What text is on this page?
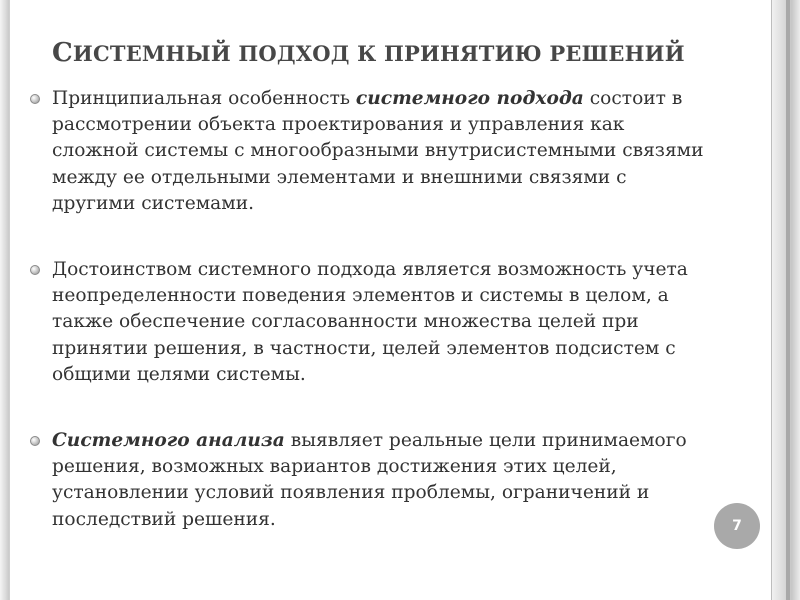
СИСТЕМНЫЙ ПОДХОД К ПРИНЯТИЮ РЕШЕНИЙ
Принципиальная особенность системного подхода состоит в рассмотрении объекта проектирования и управления как сложной системы с многообразными внутрисистемными связями между ее отдельными элементами и внешними связями с другими системами.
Достоинством системного подхода является возможность учета неопределенности поведения элементов и системы в целом, а также обеспечение согласованности множества целей при принятии решения, в частности, целей элементов подсистем с общими целями системы.
Системного анализа выявляет реальные цели принимаемого решения, возможных вариантов достижения этих целей, установлении условий появления проблемы, ограничений и последствий решения.	7
